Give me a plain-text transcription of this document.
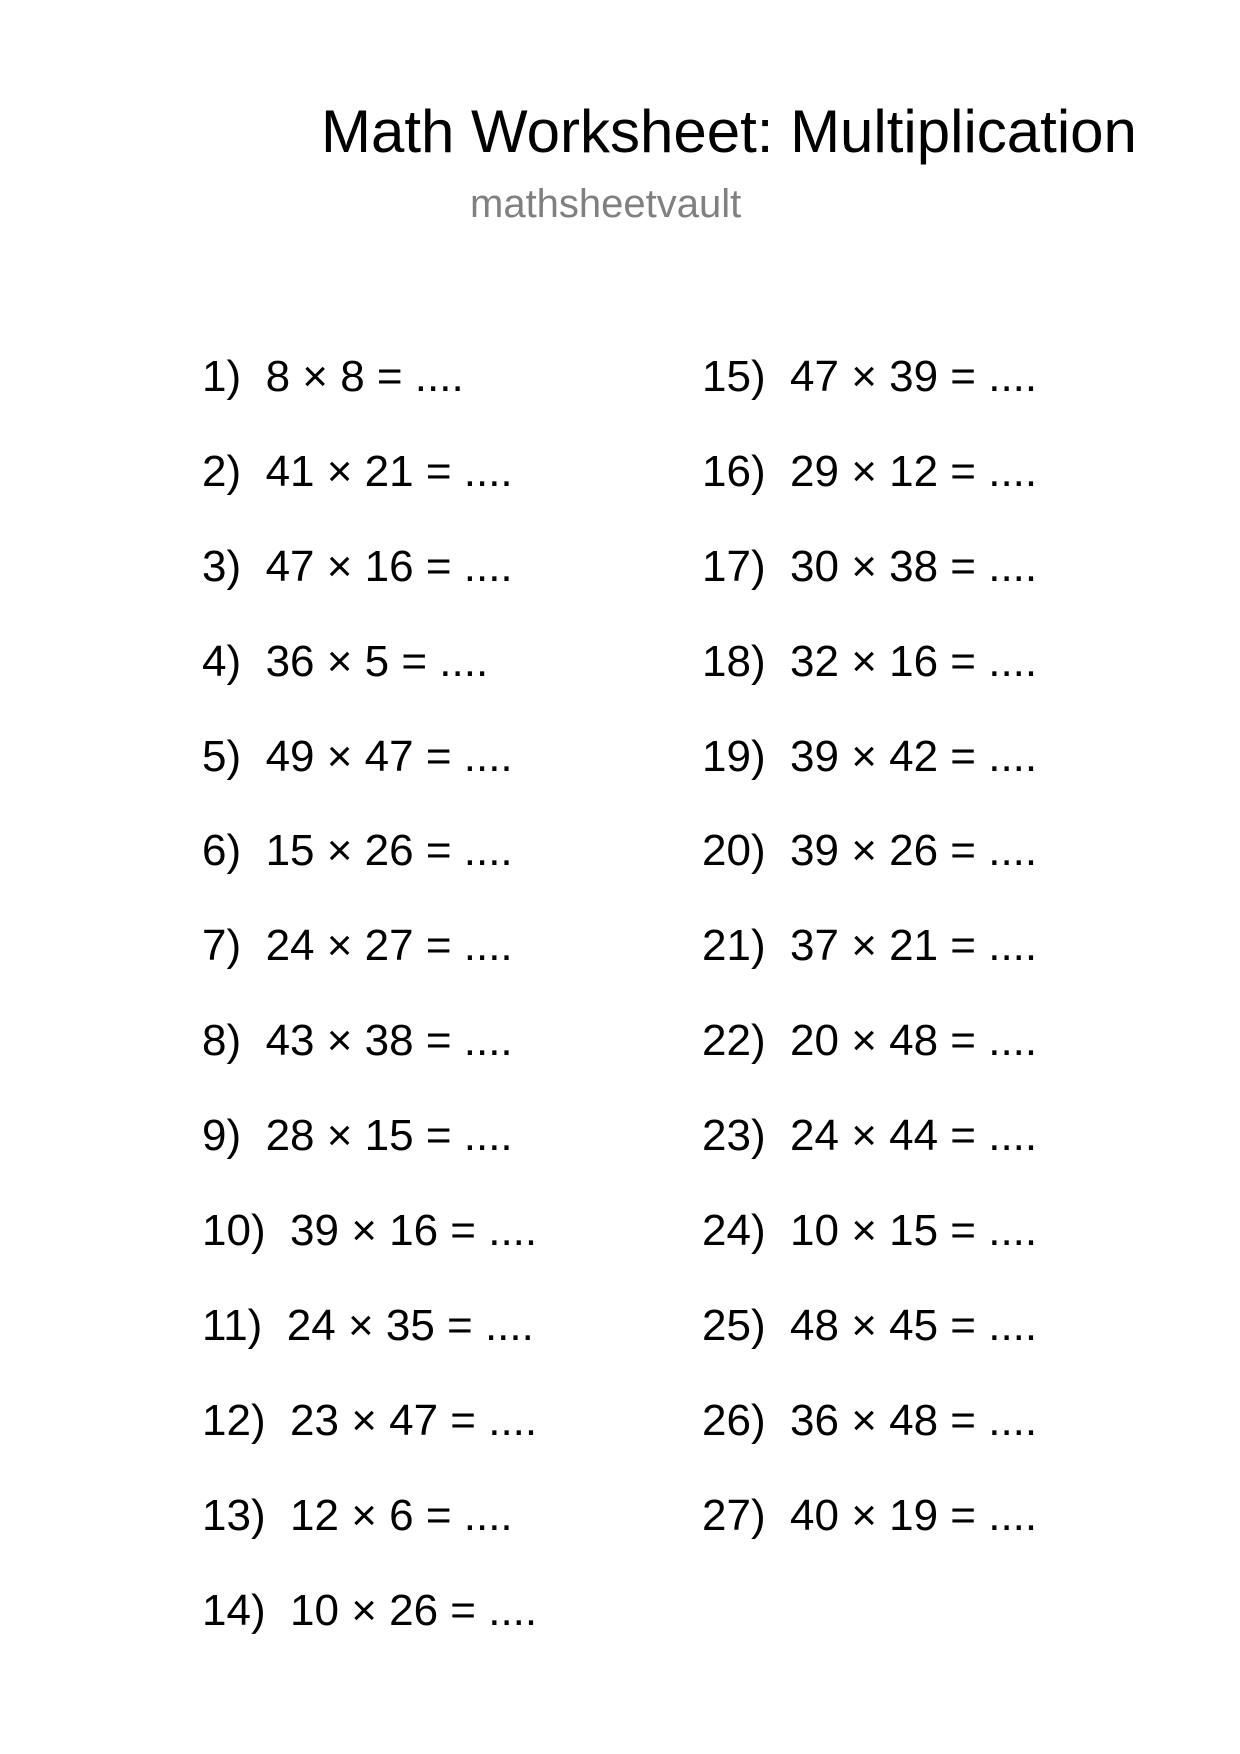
Math Worksheet: Multiplication
mathsheetvault
1)  8 × 8 = ....
2)  41 × 21 = ....
3)  47 × 16 = ....
4)  36 × 5 = ....
5)  49 × 47 = ....
6)  15 × 26 = ....
7)  24 × 27 = ....
8)  43 × 38 = ....
9)  28 × 15 = ....
10)  39 × 16 = ....
11)  24 × 35 = ....
12)  23 × 47 = ....
13)  12 × 6 = ....
14)  10 × 26 = ....
15)  47 × 39 = ....
16)  29 × 12 = ....
17)  30 × 38 = ....
18)  32 × 16 = ....
19)  39 × 42 = ....
20)  39 × 26 = ....
21)  37 × 21 = ....
22)  20 × 48 = ....
23)  24 × 44 = ....
24)  10 × 15 = ....
25)  48 × 45 = ....
26)  36 × 48 = ....
27)  40 × 19 = ....
